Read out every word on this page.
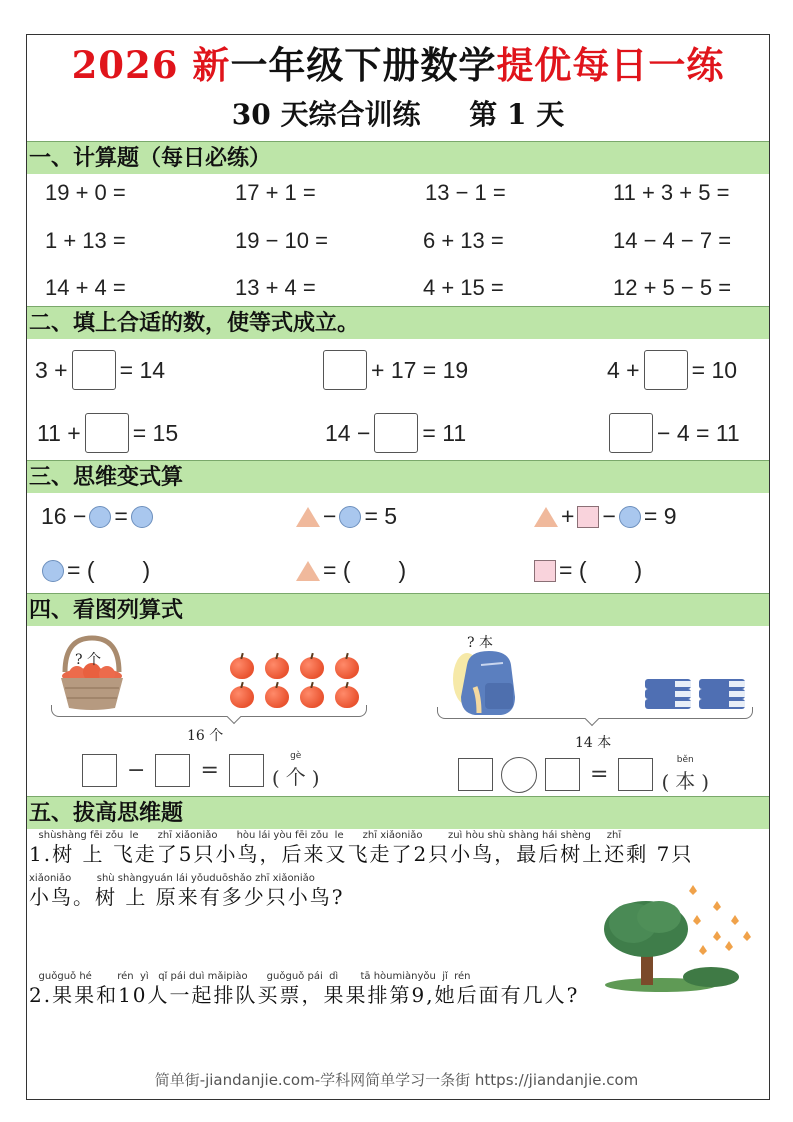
2026 新一年级下册数学提优每日一练
30 天综合训练     第 1 天
一、计算题（每日必练）
19 + 0 =	17 + 1 =	13 − 1 =	11 + 3 + 5 =
1 + 13 =	19 − 10 =	6 + 13 =	14 − 4 − 7 =
14 + 4 =	13 + 4 =	4 + 15 =	12 + 5 − 5 =
二、填上合适的数，使等式成立。
3 + = 14	+ 17 = 19	4 + = 10
11 + = 15	14 − = 11	− 4 = 11
三、思维变式算
16 − =	− = 5	+ − = 9
= ( )	= ( )	= ( )
四、看图列算式
? 个
16 个
−	=	(
gè
个 )
? 本
14 本
=	(
běn
本 )
五、拔高思维题
shùshàng fēi zǒu  le      zhī xiǎoniǎo      hòu lái yòu fēi zǒu  le      zhī xiǎoniǎo        zuì hòu shù shàng hái shèng     zhī
1.树 上 飞走了5只小鸟，后来又飞走了2只小鸟，最后树上还剩 7只
xiǎoniǎo        shù shàngyuán lái yǒuduōshǎo zhī xiǎoniǎo
小鸟。树 上 原来有多少只小鸟?
guǒguǒ hé        rén  yì   qǐ pái duì mǎipiào      guǒguǒ pái  dì       tā hòumiànyǒu  jǐ  rén
2.果果和10人一起排队买票，果果排第9,她后面有几人?
简单街-jiandanjie.com-学科网简单学习一条街 https://jiandanjie.com
